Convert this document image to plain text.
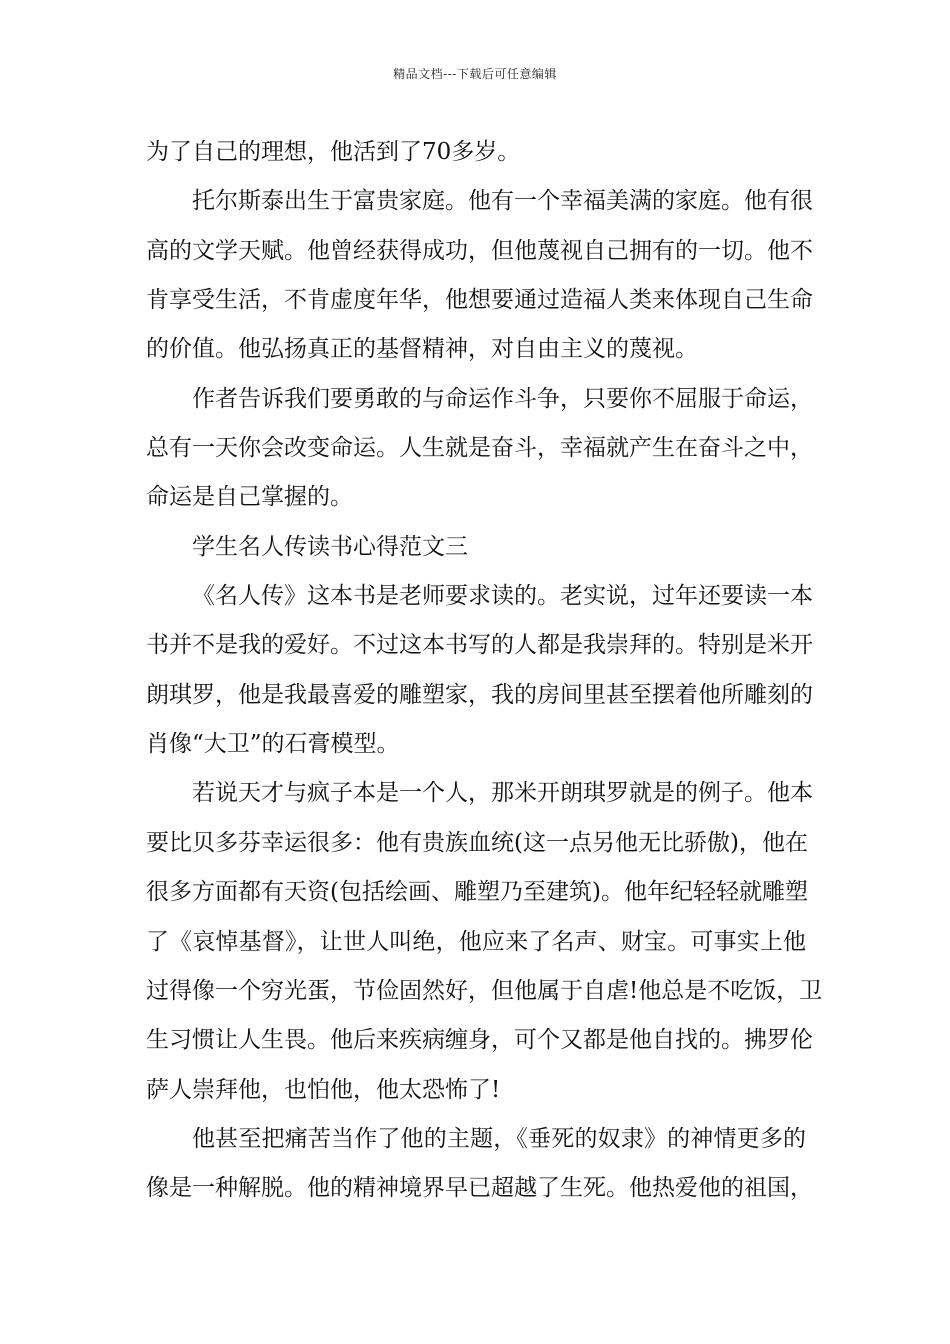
精品文档---下载后可任意编辑
为了自己的理想，他活到了70多岁。
托尔斯泰出生于富贵家庭。他有一个幸福美满的家庭。他有很
高的文学天赋。他曾经获得成功，但他蔑视自己拥有的一切。他不
肯享受生活，不肯虚度年华，他想要通过造福人类来体现自己生命
的价值。他弘扬真正的基督精神，对自由主义的蔑视。
作者告诉我们要勇敢的与命运作斗争，只要你不屈服于命运，
总有一天你会改变命运。人生就是奋斗，幸福就产生在奋斗之中，
命运是自己掌握的。
学生名人传读书心得范文三
《名人传》这本书是老师要求读的。老实说，过年还要读一本
书并不是我的爱好。不过这本书写的人都是我崇拜的。特别是米开
朗琪罗，他是我最喜爱的雕塑家，我的房间里甚至摆着他所雕刻的
肖像“大卫”的石膏模型。
若说天才与疯子本是一个人，那米开朗琪罗就是的例子。他本
要比贝多芬幸运很多：他有贵族血统(这一点另他无比骄傲)，他在
很多方面都有天资(包括绘画、雕塑乃至建筑)。他年纪轻轻就雕塑
了《哀悼基督》，让世人叫绝，他应来了名声、财宝。可事实上他
过得像一个穷光蛋，节俭固然好，但他属于自虐!他总是不吃饭，卫
生习惯让人生畏。他后来疾病缠身，可个又都是他自找的。拂罗伦
萨人崇拜他，也怕他，他太恐怖了!
他甚至把痛苦当作了他的主题，《垂死的奴隶》的神情更多的
像是一种解脱。他的精神境界早已超越了生死。他热爱他的祖国，
